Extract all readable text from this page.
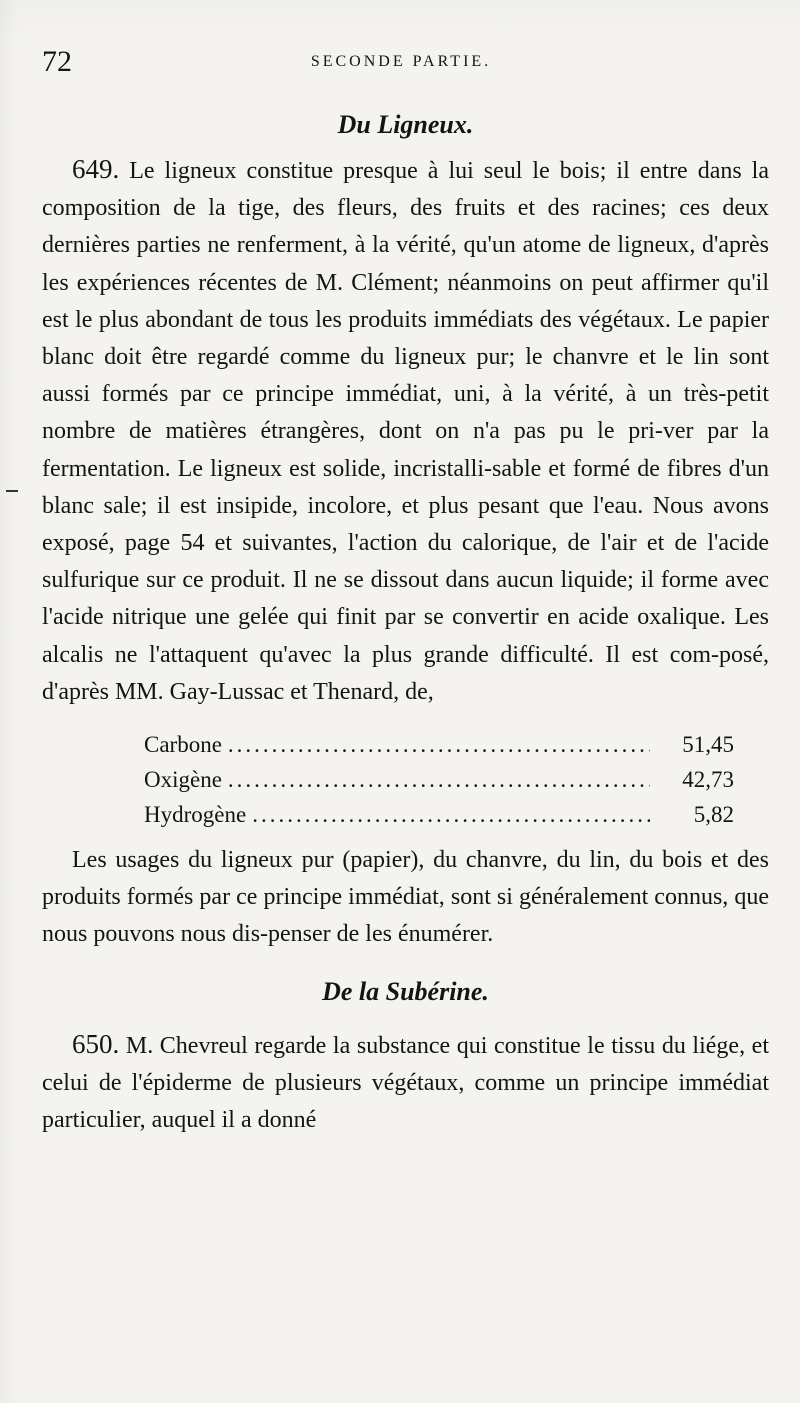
72	SECONDE PARTIE.
Du Ligneux.

649. Le ligneux constitue presque à lui seul le bois; il entre dans la composition de la tige, des fleurs, des fruits et des racines; ces deux dernières parties ne renferment, à la vérité, qu'un atome de ligneux, d'après les expériences récentes de M. Clément; néanmoins on peut affirmer qu'il est le plus abondant de tous les produits immédiats des végétaux. Le papier blanc doit être regardé comme du ligneux pur; le chanvre et le lin sont aussi formés par ce principe immédiat, uni, à la vérité, à un très-petit nombre de matières étrangères, dont on n'a pas pu le pri-ver par la fermentation. Le ligneux est solide, incristalli-sable et formé de fibres d'un blanc sale; il est insipide, incolore, et plus pesant que l'eau. Nous avons exposé, page 54 et suivantes, l'action du calorique, de l'air et de l'acide sulfurique sur ce produit. Il ne se dissout dans aucun liquide; il forme avec l'acide nitrique une gelée qui finit par se convertir en acide oxalique. Les alcalis ne l'attaquent qu'avec la plus grande difficulté. Il est com-posé, d'après MM. Gay-Lussac et Thenard, de,

Carbone .....	51,45
Oxigène .....	42,73
Hydrogène .....	5,82

Les usages du ligneux pur (papier), du chanvre, du lin, du bois et des produits formés par ce principe immédiat, sont si généralement connus, que nous pouvons nous dis-penser de les énumérer.

De la Subérine.

650. M. Chevreul regarde la substance qui constitue le tissu du liége, et celui de l'épiderme de plusieurs végétaux, comme un principe immédiat particulier, auquel il a donné
